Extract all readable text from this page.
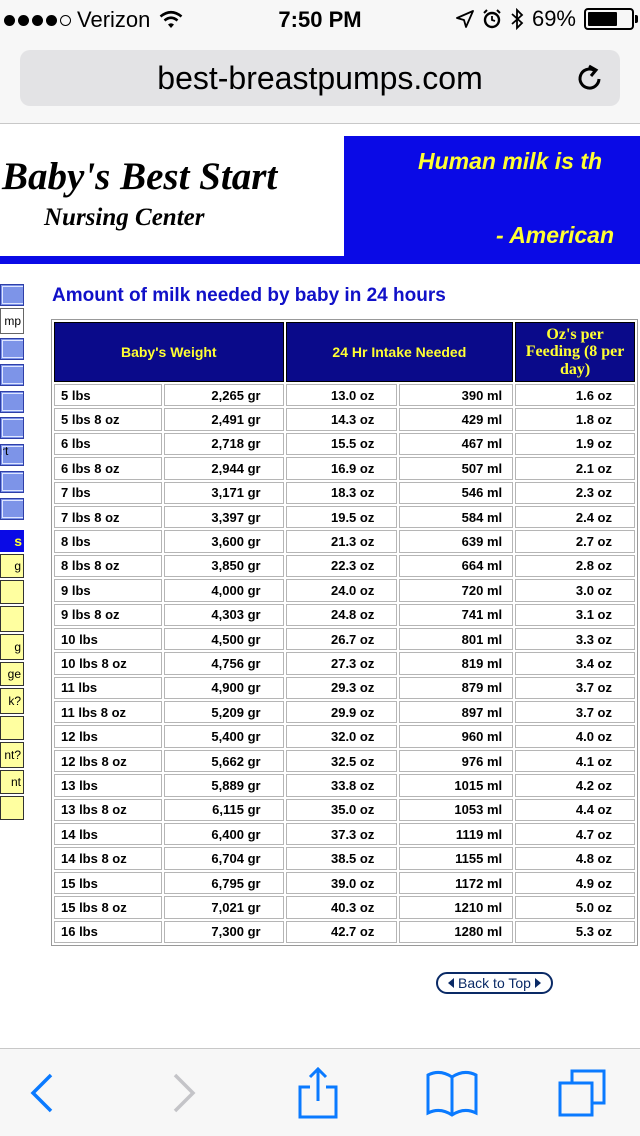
Verizon	7:50 PM	69%
best-breastpumps.com
Baby's Best Start
Nursing Center
Human milk is th
- American
mp
rt
s
g
g
ge
k?
nt?
nt
Amount of milk needed by baby in 24 hours
Baby's Weight		24 Hr Intake Needed		Oz's per Feeding (8 per day)
5 lbs	2,265 gr	13.0 oz	390 ml	1.6 oz
5 lbs 8 oz	2,491 gr	14.3 oz	429 ml	1.8 oz
6 lbs	2,718 gr	15.5 oz	467 ml	1.9 oz
6 lbs 8 oz	2,944 gr	16.9 oz	507 ml	2.1 oz
7 lbs	3,171 gr	18.3 oz	546 ml	2.3 oz
7 lbs 8 oz	3,397 gr	19.5 oz	584 ml	2.4 oz
8 lbs	3,600 gr	21.3 oz	639 ml	2.7 oz
8 lbs 8 oz	3,850 gr	22.3 oz	664 ml	2.8 oz
9 lbs	4,000 gr	24.0 oz	720 ml	3.0 oz
9 lbs 8 oz	4,303 gr	24.8 oz	741 ml	3.1 oz
10 lbs	4,500 gr	26.7 oz	801 ml	3.3 oz
10 lbs 8 oz	4,756 gr	27.3 oz	819 ml	3.4 oz
11 lbs	4,900 gr	29.3 oz	879 ml	3.7 oz
11 lbs 8 oz	5,209 gr	29.9 oz	897 ml	3.7 oz
12 lbs	5,400 gr	32.0 oz	960 ml	4.0 oz
12 lbs 8 oz	5,662 gr	32.5 oz	976 ml	4.1 oz
13 lbs	5,889 gr	33.8 oz	1015 ml	4.2 oz
13 lbs 8 oz	6,115 gr	35.0 oz	1053 ml	4.4 oz
14 lbs	6,400 gr	37.3 oz	1119 ml	4.7 oz
14 lbs 8 oz	6,704 gr	38.5 oz	1155 ml	4.8 oz
15 lbs	6,795 gr	39.0 oz	1172 ml	4.9 oz
15 lbs 8 oz	7,021 gr	40.3 oz	1210 ml	5.0 oz
16 lbs	7,300 gr	42.7 oz	1280 ml	5.3 oz
Back to Top
